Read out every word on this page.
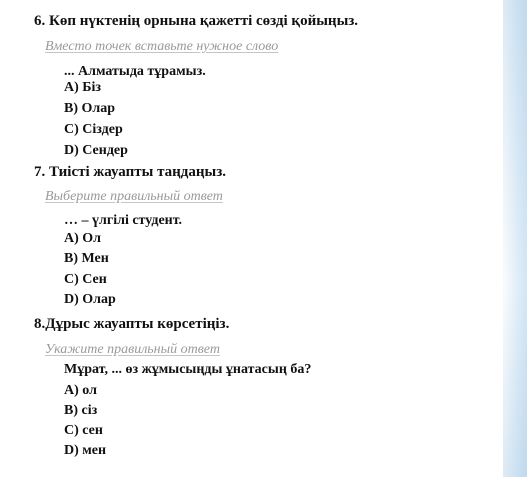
6. Көп нүктенің орнына қажетті сөзді қойыңыз.
Вместо точек вставьте нужное слово
... Алматыда тұрамыз.
A) Біз
B) Олар
C) Сіздер
D) Сендер
7. Тиісті жауапты таңдаңыз.
Выберите правильный ответ
… – үлгілі студент.
A) Ол
B) Мен
C) Сен
D) Олар
8.Дұрыс жауапты көрсетіңіз.
Укажите правильный ответ
Мұрат, ... өз жұмысыңды ұнатасың ба?
A) ол
B) сіз
C) сен
D) мен
